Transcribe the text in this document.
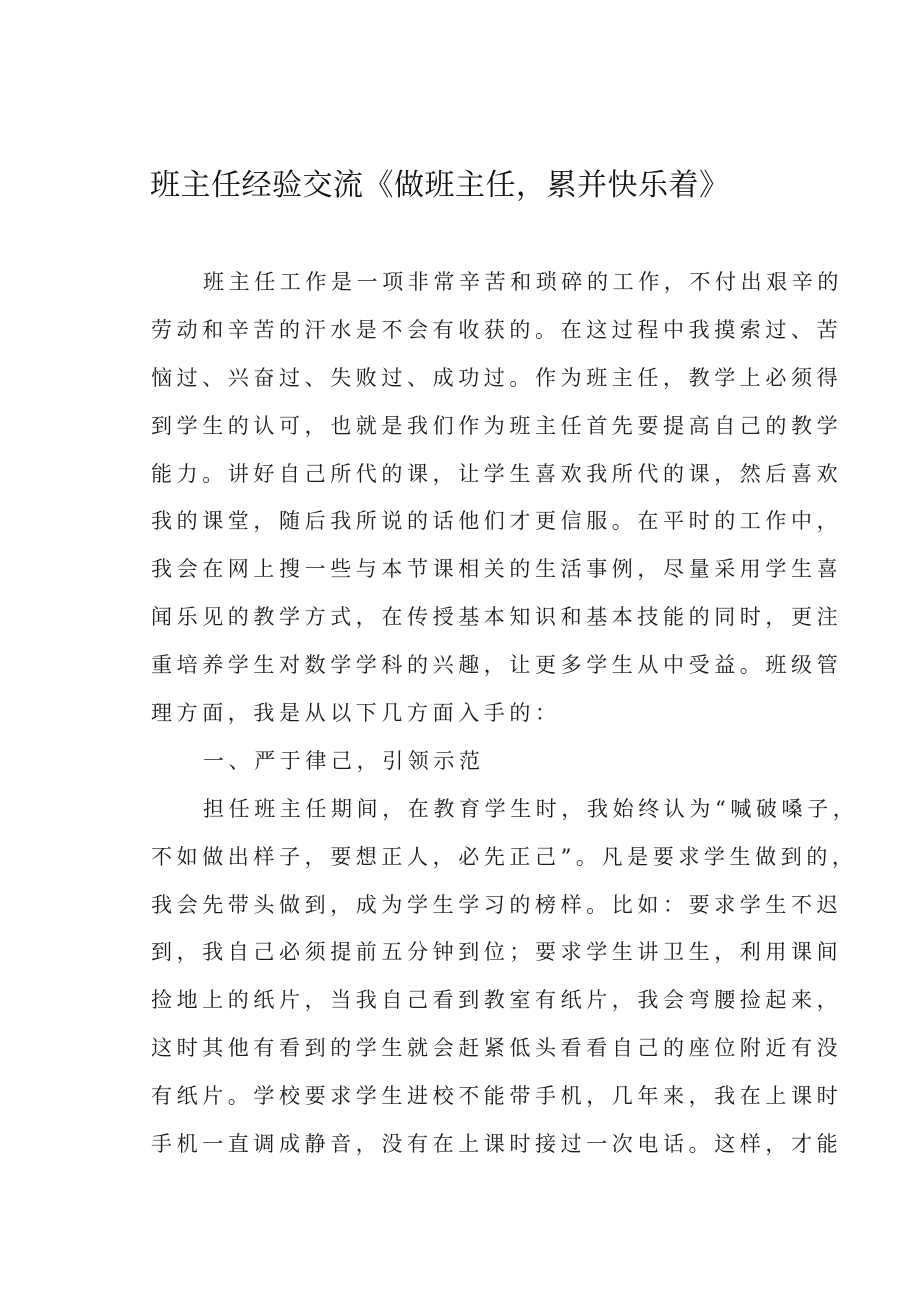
班主任经验交流《做班主任，累并快乐着》
班主任工作是一项非常辛苦和琐碎的工作，不付出艰辛的
劳动和辛苦的汗水是不会有收获的。在这过程中我摸索过、苦
恼过、兴奋过、失败过、成功过。作为班主任，教学上必须得
到学生的认可，也就是我们作为班主任首先要提高自己的教学
能力。讲好自己所代的课，让学生喜欢我所代的课，然后喜欢
我的课堂，随后我所说的话他们才更信服。在平时的工作中，
我会在网上搜一些与本节课相关的生活事例，尽量采用学生喜
闻乐见的教学方式，在传授基本知识和基本技能的同时，更注
重培养学生对数学学科的兴趣，让更多学生从中受益。班级管
理方面，我是从以下几方面入手的：
一、严于律己，引领示范
担任班主任期间，在教育学生时，我始终认为“喊破嗓子，
不如做出样子，要想正人，必先正己”。凡是要求学生做到的，
我会先带头做到，成为学生学习的榜样。比如：要求学生不迟
到，我自己必须提前五分钟到位；要求学生讲卫生，利用课间
捡地上的纸片，当我自己看到教室有纸片，我会弯腰捡起来，
这时其他有看到的学生就会赶紧低头看看自己的座位附近有没
有纸片。学校要求学生进校不能带手机，几年来，我在上课时
手机一直调成静音，没有在上课时接过一次电话。这样，才能
